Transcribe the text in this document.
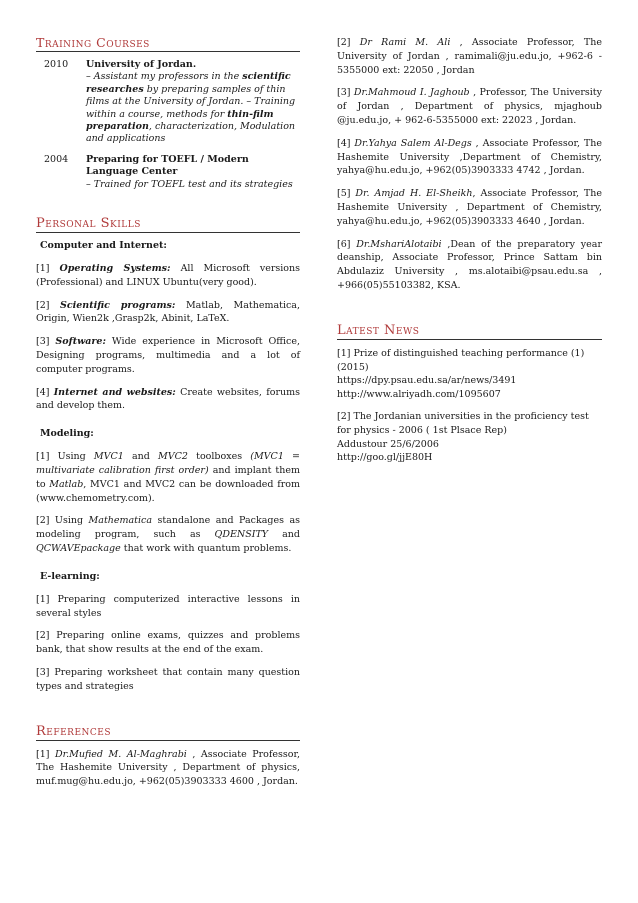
Training Courses
2010	University of Jordan.
– Assistant my professors in the scientific researches by preparing samples of thin films at the University of Jordan. – Training within a course, methods for thin-film preparation, characterization, Modulation and applications
2004	Preparing for TOEFL / Modern Language Center
– Trained for TOEFL test and its strategies
Personal Skills
Computer and Internet:
[1] Operating Systems: All Microsoft versions (Professional) and LINUX Ubuntu(very good).
[2] Scientific programs: Matlab, Mathematica, Origin, Wien2k ,Grasp2k, Abinit, LaTeX.
[3] Software: Wide experience in Microsoft Office, Designing programs, multimedia and a lot of computer programs.
[4] Internet and websites: Create websites, forums and develop them.
Modeling:
[1] Using MVC1 and MVC2 toolboxes (MVC1 = multivariate calibration first order) and implant them to Matlab, MVC1 and MVC2 can be downloaded from (www.chemometry.com).
[2] Using Mathematica standalone and Packages as modeling program, such as QDENSITY and QCWAVEpackage that work with quantum problems.
E-learning:
[1] Preparing computerized interactive lessons in several styles
[2] Preparing online exams, quizzes and problems bank, that show results at the end of the exam.
[3] Preparing worksheet that contain many question types and strategies
References
[1] Dr.Mufied M. Al-Maghrabi , Associate Professor, The Hashemite University , Department of physics, muf.mug@hu.edu.jo, +962(05)3903333 4600 , Jordan.
[2] Dr Rami M. Ali , Associate Professor, The University of Jordan , ramimali@ju.edu.jo, +962-6 - 5355000 ext: 22050 , Jordan
[3] Dr.Mahmoud I. Jaghoub , Professor, The University of Jordan , Department of physics, mjaghoub @ju.edu.jo, + 962-6-5355000 ext: 22023 , Jordan.
[4] Dr.Yahya Salem Al-Degs , Associate Professor, The Hashemite University ,Department of Chemistry, yahya@hu.edu.jo, +962(05)3903333 4742 , Jordan.
[5] Dr. Amjad H. El-Sheikh, Associate Professor, The Hashemite University , Department of Chemistry, yahya@hu.edu.jo, +962(05)3903333 4640 , Jordan.
[6] Dr.MshariAlotaibi ,Dean of the preparatory year deanship, Associate Professor, Prince Sattam bin Abdulaziz University , ms.alotaibi@psau.edu.sa , +966(05)55103382, KSA.
Latest News
[1] Prize of distinguished teaching performance (1) (2015)
https://dpy.psau.edu.sa/ar/news/3491
http://www.alriyadh.com/1095607
[2] The Jordanian universities in the proficiency test for physics - 2006 ( 1st Plsace Rep)
Addustour 25/6/2006
http://goo.gl/jjE80H
